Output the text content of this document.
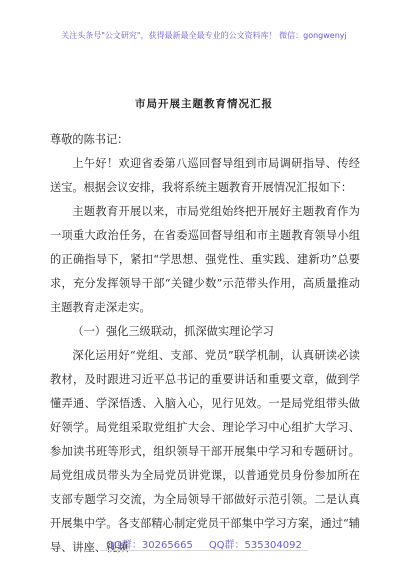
关注头条号"公文研究"，获得最新最全最专业的公文资料库！ 微信：gongwenyj
市局开展主题教育情况汇报

尊敬的陈书记：

上午好！欢迎省委第八巡回督导组到市局调研指导、传经送宝。根据会议安排，我将系统主题教育开展情况汇报如下：

主题教育开展以来，市局党组始终把开展好主题教育作为一项重大政治任务，在省委巡回督导组和市主题教育领导小组的正确指导下，紧扣“学思想、强党性、重实践、建新功”总要求，充分发挥领导干部“关键少数”示范带头作用，高质量推动主题教育走深走实。

（一）强化三级联动，抓深做实理论学习

深化运用好“党组、支部、党员”联学机制，认真研读必读教材，及时跟进习近平总书记的重要讲话和重要文章，做到学懂弄通、学深悟透、入脑入心，见行见效。一是局党组带头做好领学。局党组采取党组扩大会、理论学习中心组扩大学习、参加读书班等形式，组织领导干部开展集中学习和专题研讨。局党组成员带头为全局党员讲党课，以普通党员身份参加所在支部专题学习交流，为全局领导干部做好示范引领。二是认真开展集中学。各支部精心制定党员干部集中学习方案，通过“辅导、讲座、视频

QQ群：30265665 QQ群：535304092
